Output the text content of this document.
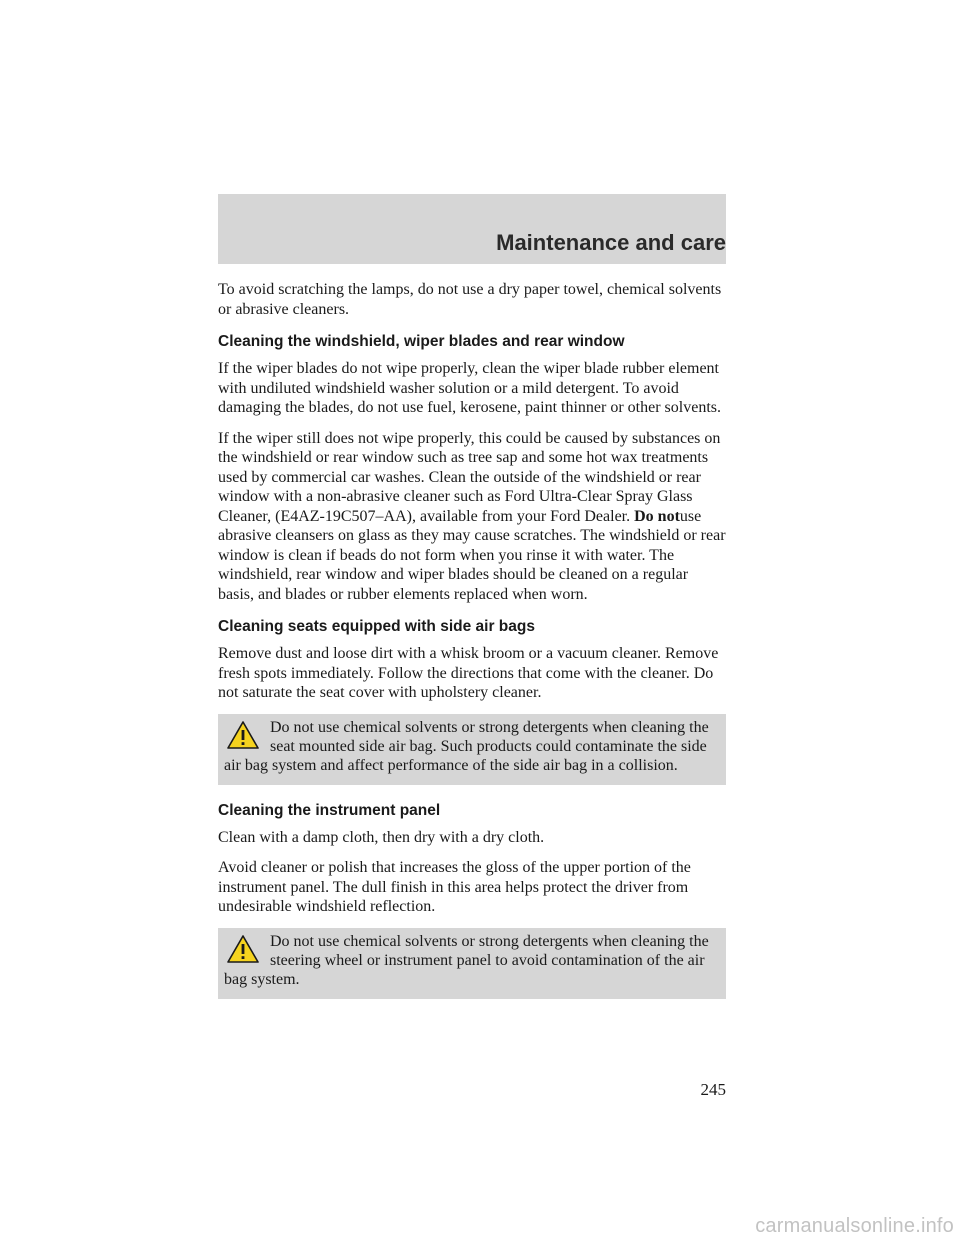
Maintenance and care

To avoid scratching the lamps, do not use a dry paper towel, chemical solvents or abrasive cleaners.

Cleaning the windshield, wiper blades and rear window

If the wiper blades do not wipe properly, clean the wiper blade rubber element with undiluted windshield washer solution or a mild detergent. To avoid damaging the blades, do not use fuel, kerosene, paint thinner or other solvents.

If the wiper still does not wipe properly, this could be caused by substances on the windshield or rear window such as tree sap and some hot wax treatments used by commercial car washes. Clean the outside of the windshield or rear window with a non-abrasive cleaner such as Ford Ultra-Clear Spray Glass Cleaner, (E4AZ-19C507–AA), available from your Ford Dealer. Do notuse abrasive cleansers on glass as they may cause scratches. The windshield or rear window is clean if beads do not form when you rinse it with water. The windshield, rear window and wiper blades should be cleaned on a regular basis, and blades or rubber elements replaced when worn.

Cleaning seats equipped with side air bags

Remove dust and loose dirt with a whisk broom or a vacuum cleaner. Remove fresh spots immediately. Follow the directions that come with the cleaner. Do not saturate the seat cover with upholstery cleaner.

Do not use chemical solvents or strong detergents when cleaning the seat mounted side air bag. Such products could contaminate the side air bag system and affect performance of the side air bag in a collision.
Cleaning the instrument panel

Clean with a damp cloth, then dry with a dry cloth.

Avoid cleaner or polish that increases the gloss of the upper portion of the instrument panel. The dull finish in this area helps protect the driver from undesirable windshield reflection.

Do not use chemical solvents or strong detergents when cleaning the steering wheel or instrument panel to avoid contamination of the air bag system.
245
carmanualsonline.info
